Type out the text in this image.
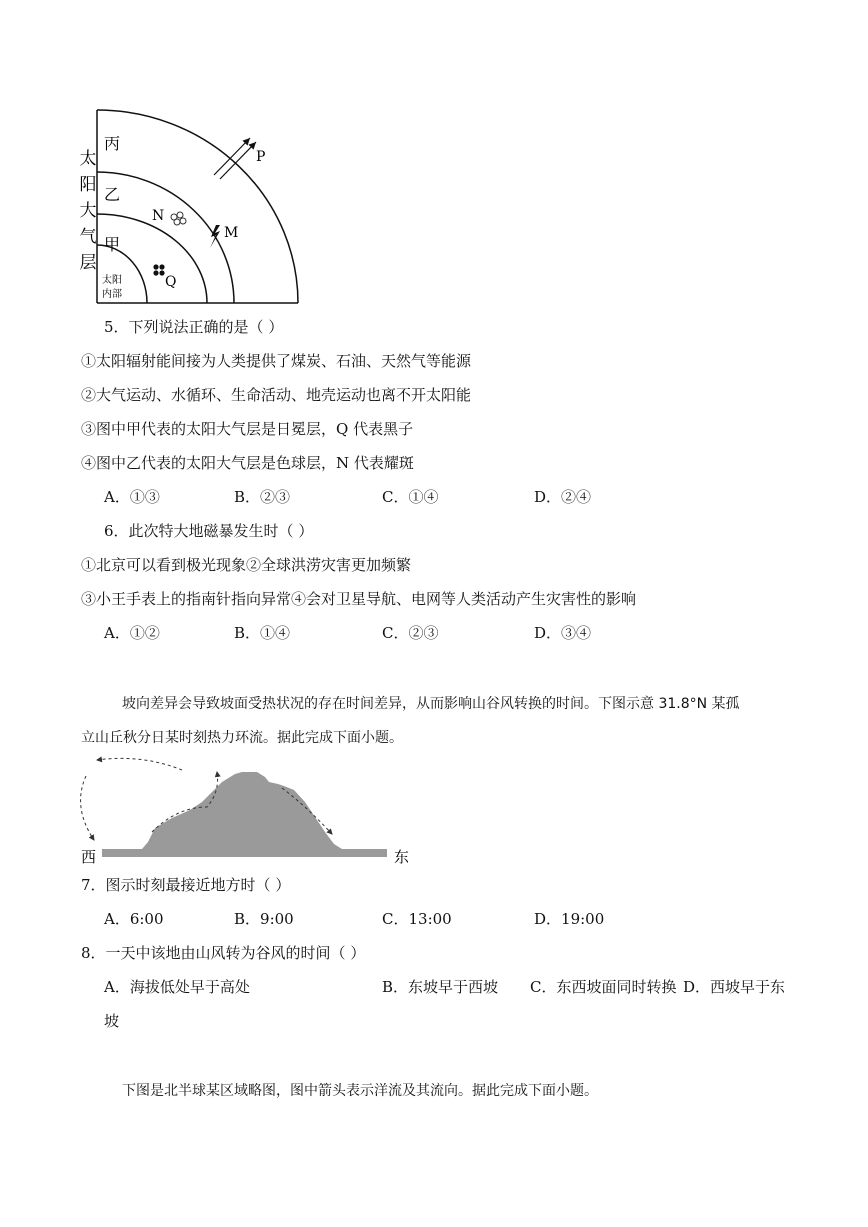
太
阳
大
气
层
丙
乙
甲
太阳
内部
P
N
M
Q
5．下列说法正确的是（ ）
①太阳辐射能间接为人类提供了煤炭、石油、天然气等能源
②大气运动、水循环、生命活动、地壳运动也离不开太阳能
③图中甲代表的太阳大气层是日冕层，Q 代表黑子
④图中乙代表的太阳大气层是色球层，N 代表耀斑
A．①③	B．②③	C．①④	D．②④
6．此次特大地磁暴发生时（ ）
①北京可以看到极光现象②全球洪涝灾害更加频繁
③小王手表上的指南针指向异常④会对卫星导航、电网等人类活动产生灾害性的影响
A．①②	B．①④	C．②③	D．③④
坡向差异会导致坡面受热状况的存在时间差异，从而影响山谷风转换的时间。下图示意 31.8°N 某孤
立山丘秋分日某时刻热力环流。据此完成下面小题。
西	东
7．图示时刻最接近地方时（ ）
A．6:00	B．9:00	C．13:00	D．19:00
8．一天中该地由山风转为谷风的时间（ ）
A．海拔低处早于高处	B．东坡早于西坡 C．东西坡面同时转换 D．西坡早于东
坡
下图是北半球某区域略图，图中箭头表示洋流及其流向。据此完成下面小题。
